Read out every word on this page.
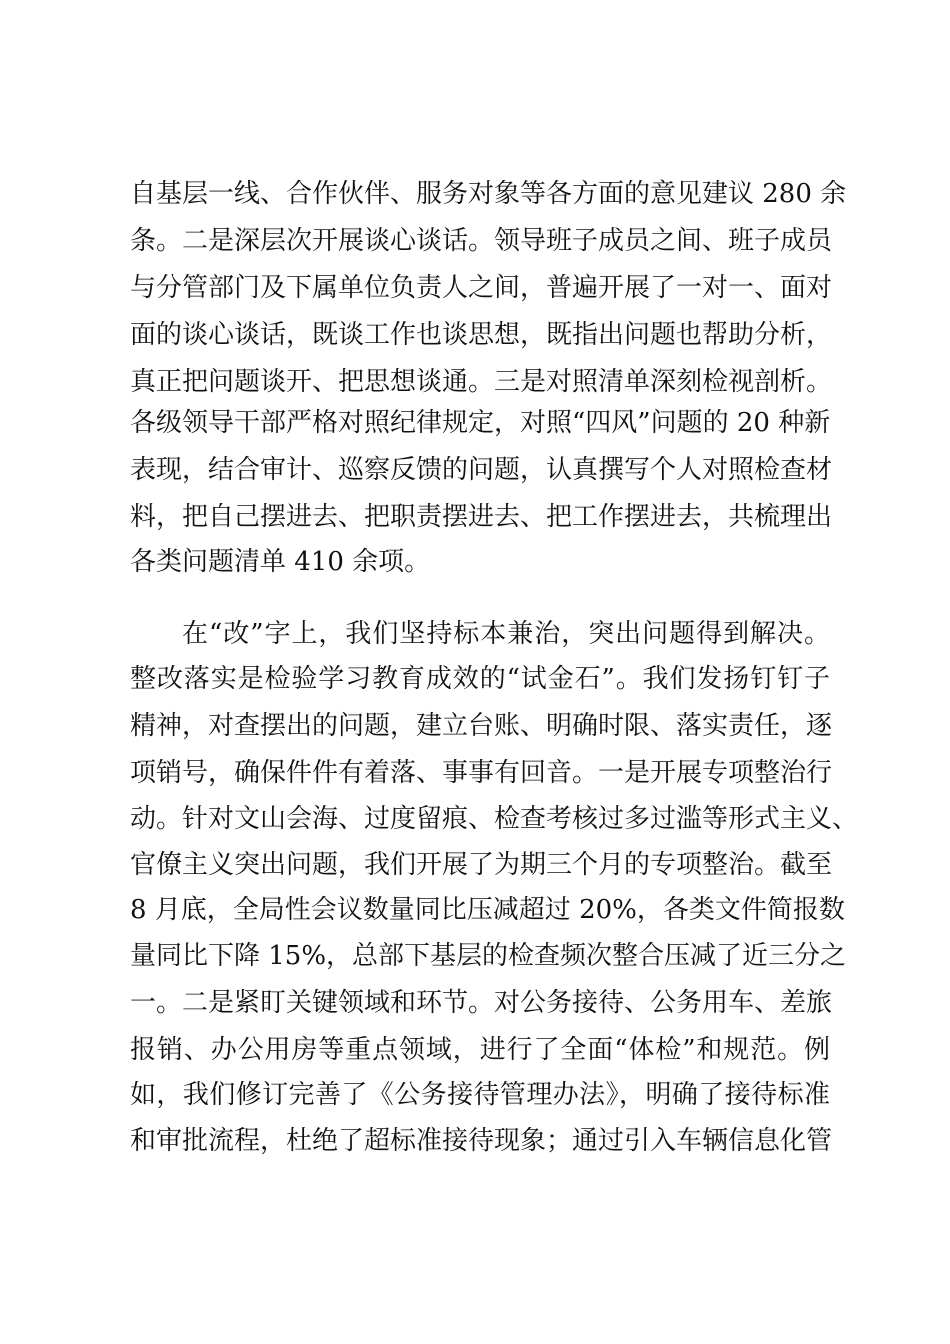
自基层一线、合作伙伴、服务对象等各方面的意见建议 280 余
条。二是深层次开展谈心谈话。领导班子成员之间、班子成员
与分管部门及下属单位负责人之间，普遍开展了一对一、面对
面的谈心谈话，既谈工作也谈思想，既指出问题也帮助分析，
真正把问题谈开、把思想谈通。三是对照清单深刻检视剖析。
各级领导干部严格对照纪律规定，对照“四风”问题的 20 种新
表现，结合审计、巡察反馈的问题，认真撰写个人对照检查材
料，把自己摆进去、把职责摆进去、把工作摆进去，共梳理出
各类问题清单 410 余项。
在“改”字上，我们坚持标本兼治，突出问题得到解决。
整改落实是检验学习教育成效的“试金石”。我们发扬钉钉子
精神，对查摆出的问题，建立台账、明确时限、落实责任，逐
项销号，确保件件有着落、事事有回音。一是开展专项整治行
动。针对文山会海、过度留痕、检查考核过多过滥等形式主义、
官僚主义突出问题，我们开展了为期三个月的专项整治。截至
8 月底，全局性会议数量同比压减超过 20%，各类文件简报数
量同比下降 15%，总部下基层的检查频次整合压减了近三分之
一。二是紧盯关键领域和环节。对公务接待、公务用车、差旅
报销、办公用房等重点领域，进行了全面“体检”和规范。例
如，我们修订完善了《公务接待管理办法》，明确了接待标准
和审批流程，杜绝了超标准接待现象；通过引入车辆信息化管
